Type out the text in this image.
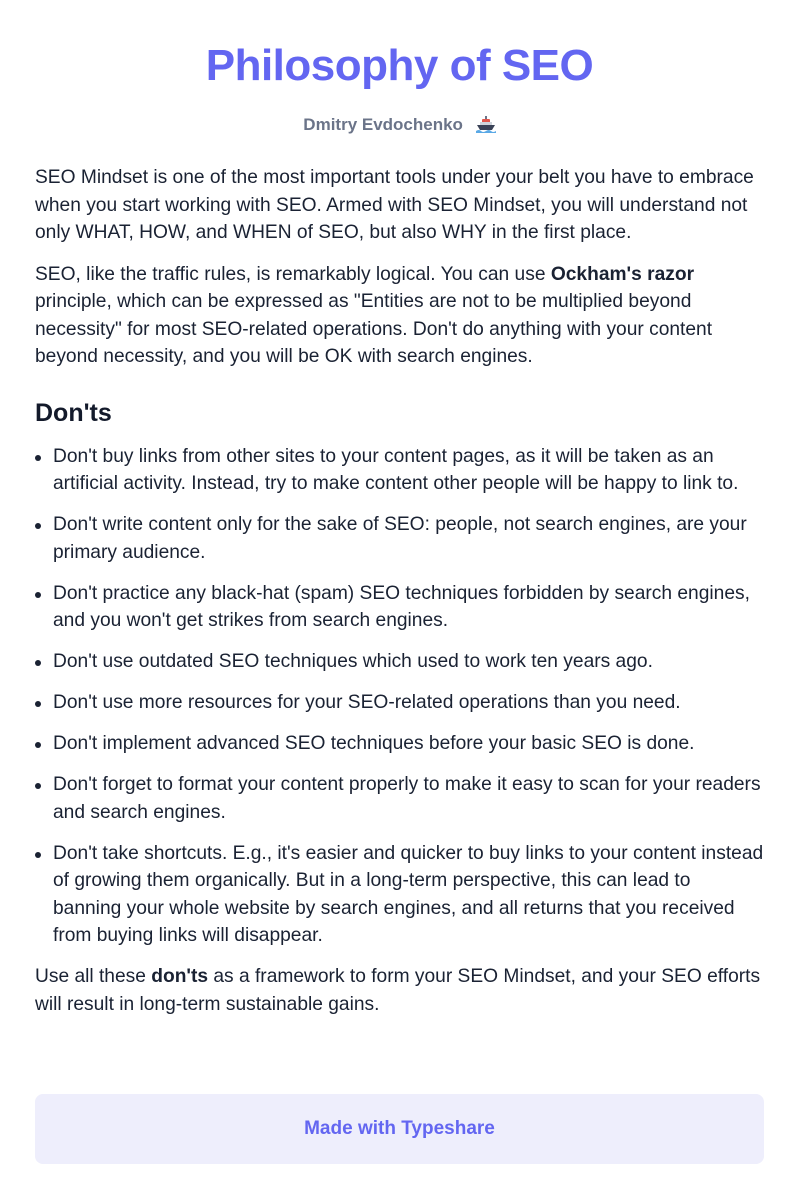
Philosophy of SEO
Dmitry Evdochenko

SEO Mindset is one of the most important tools under your belt you have to embrace when you start working with SEO. Armed with SEO Mindset, you will understand not only WHAT, HOW, and WHEN of SEO, but also WHY in the first place.

SEO, like the traffic rules, is remarkably logical. You can use Ockham's razor principle, which can be expressed as "Entities are not to be multiplied beyond necessity" for most SEO-related operations. Don't do anything with your content beyond necessity, and you will be OK with search engines.

Don'ts
Don't buy links from other sites to your content pages, as it will be taken as an artificial activity. Instead, try to make content other people will be happy to link to.
Don't write content only for the sake of SEO: people, not search engines, are your primary audience.
Don't practice any black-hat (spam) SEO techniques forbidden by search engines, and you won't get strikes from search engines.
Don't use outdated SEO techniques which used to work ten years ago.
Don't use more resources for your SEO-related operations than you need.
Don't implement advanced SEO techniques before your basic SEO is done.
Don't forget to format your content properly to make it easy to scan for your readers and search engines.
Don't take shortcuts. E.g., it's easier and quicker to buy links to your content instead of growing them organically. But in a long-term perspective, this can lead to banning your whole website by search engines, and all returns that you received from buying links will disappear.

Use all these don'ts as a framework to form your SEO Mindset, and your SEO efforts will result in long-term sustainable gains.

Made with Typeshare
